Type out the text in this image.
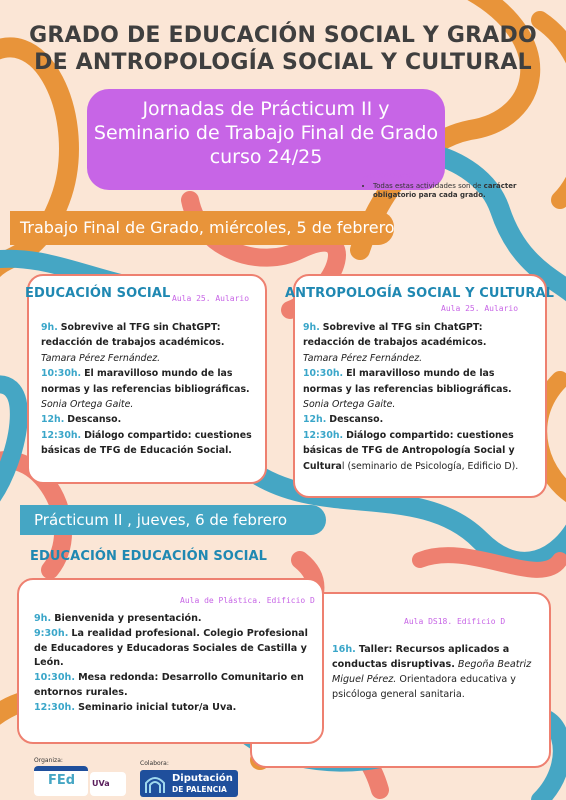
GRADO DE EDUCACIÓN SOCIAL Y GRADO
DE ANTROPOLOGÍA SOCIAL Y CULTURAL
Jornadas de Prácticum II y
Seminario de Trabajo Final de Grado
curso 24/25
IMPORTANTE
• Todas estas actividades son de carácter obligatorio para cada grado.
Trabajo Final de Grado, miércoles, 5 de febrero
9h. Sobrevive al TFG sin ChatGPT: redacción de trabajos académicos.
Tamara Pérez Fernández.
10:30h. El maravilloso mundo de las normas y las referencias bibliográficas. Sonia Ortega Gaite.
12h. Descanso.
12:30h. Diálogo compartido: cuestiones básicas de TFG de Educación Social.
EDUCACIÓN SOCIAL Aula 25. Aulario
9h. Sobrevive al TFG sin ChatGPT: redacción de trabajos académicos.
Tamara Pérez Fernández.
10:30h. El maravilloso mundo de las normas y las referencias bibliográficas.
Sonia Ortega Gaite.
12h. Descanso.
12:30h. Diálogo compartido: cuestiones básicas de TFG de Antropología Social y Cultural (seminario de Psicología, Edificio D).
ANTROPOLOGÍA SOCIAL Y CULTURAL
Aula 25. Aulario
Prácticum II , jueves, 6 de febrero
EDUCACIÓN EDUCACIÓN SOCIAL
16h. Taller: Recursos aplicados a conductas disruptivas. Begoña Beatriz Miguel Pérez. Orientadora educativa y psicóloga general sanitaria.
Aula DS18. Edificio D
9h. Bienvenida y presentación.
9:30h. La realidad profesional. Colegio Profesional de Educadores y Educadoras Sociales de Castilla y León.
10:30h. Mesa redonda: Desarrollo Comunitario en entornos rurales.
12:30h. Seminario inicial tutor/a Uva.
Aula de Plástica. Edificio D
Organiza:
FEd	UVa
Colabora:
Diputación
DE PALENCIA
